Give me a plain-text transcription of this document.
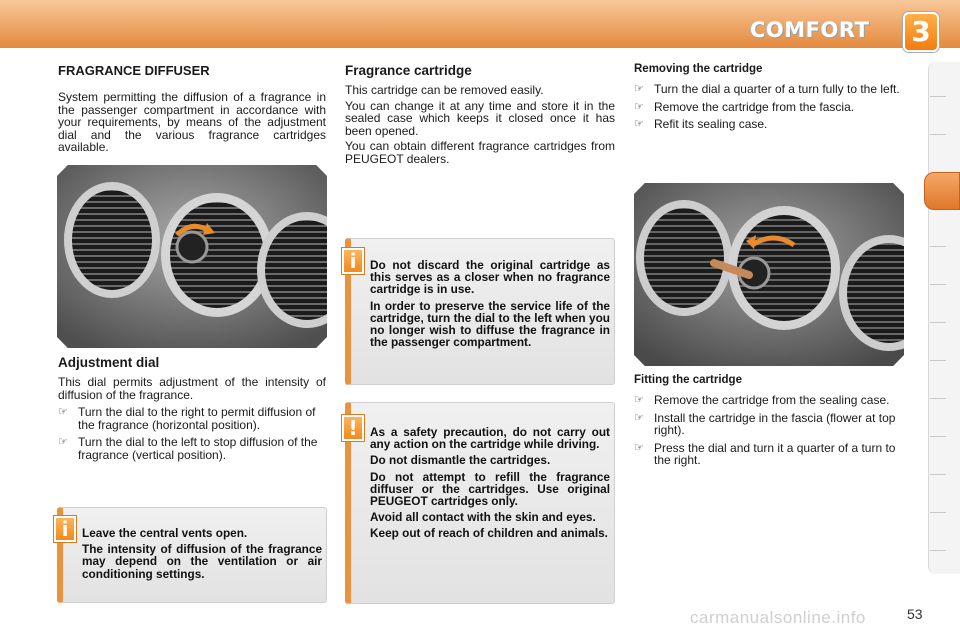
COMFORT 3
FRAGRANCE DIFFUSER
System permitting the diffusion of a fragrance in the passenger compartment in accordance with your requirements, by means of the adjustment dial and the various fragrance cartridges available.
Adjustment dial
This dial permits adjustment of the intensity of diffusion of the fragrance.
☞ Turn the dial to the right to permit diffusion of the fragrance (horizontal position).
☞ Turn the dial to the left to stop diffusion of the fragrance (vertical position).
i	Leave the central vents open.

The intensity of diffusion of the fragrance may depend on the ventilation or air conditioning settings.

Fragrance cartridge
This cartridge can be removed easily.
You can change it at any time and store it in the sealed case which keeps it closed once it has been opened.
You can obtain different fragrance cartridges from PEUGEOT dealers.
i	Do not discard the original cartridge as this serves as a closer when no fragrance cartridge is in use.

In order to preserve the service life of the cartridge, turn the dial to the left when you no longer wish to diffuse the fragrance in the passenger compartment.

!	As a safety precaution, do not carry out any action on the cartridge while driving.

Do not dismantle the cartridges.

Do not attempt to refill the fragrance diffuser or the cartridges. Use original PEUGEOT cartridges only.

Avoid all contact with the skin and eyes.

Keep out of reach of children and animals.

Removing the cartridge
☞ Turn the dial a quarter of a turn fully to the left.
☞ Remove the cartridge from the fascia.
☞ Refit its sealing case.
Fitting the cartridge
☞ Remove the cartridge from the sealing case.
☞ Install the cartridge in the fascia (flower at top right).
☞ Press the dial and turn it a quarter of a turn to the right.
carmanualsonline.info	53
